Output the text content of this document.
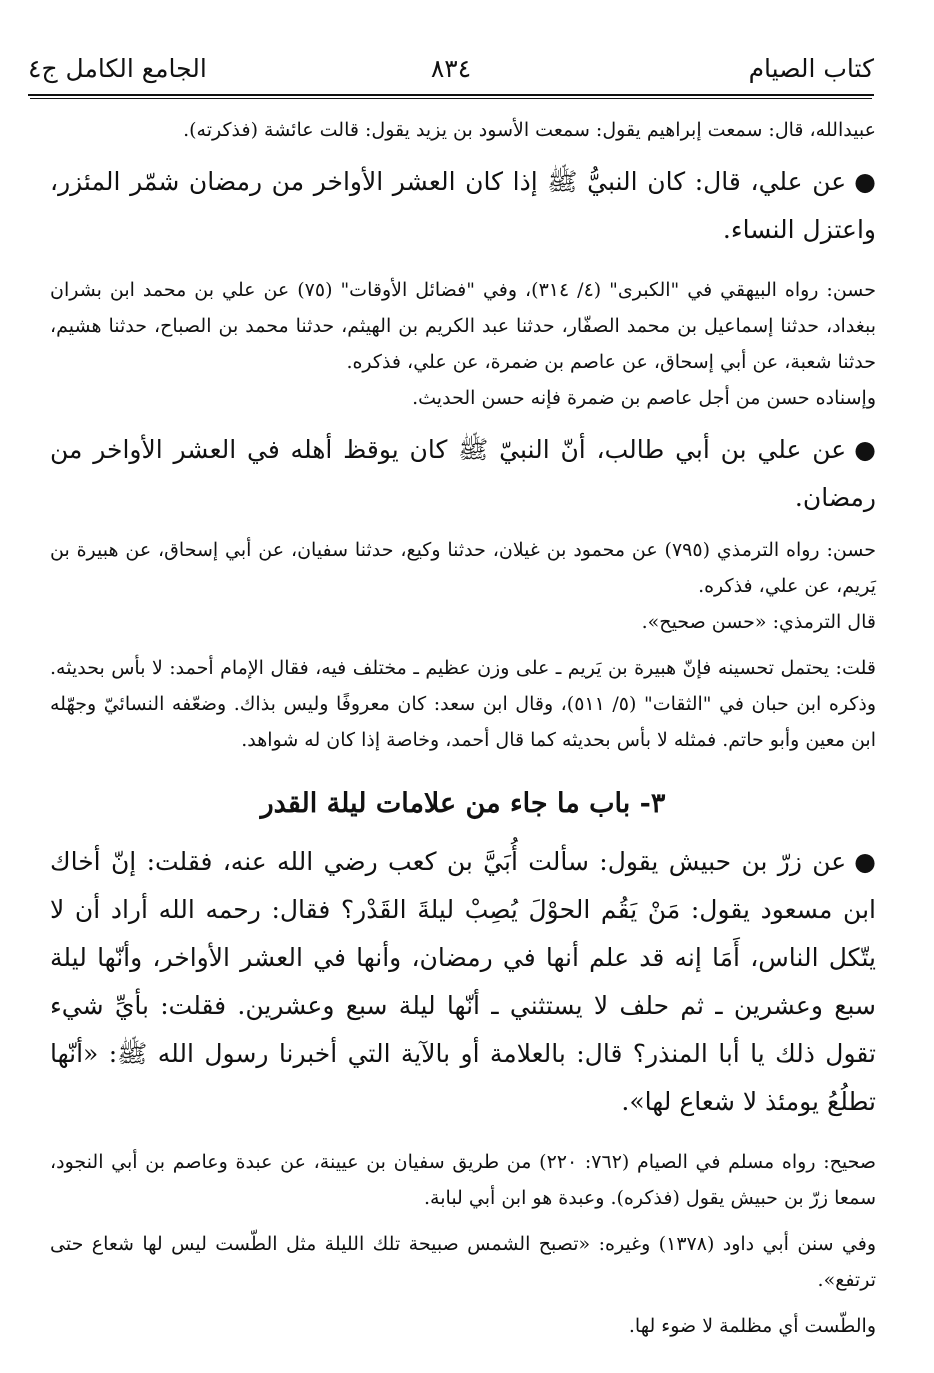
كتاب الصيام
٨٣٤
الجامع الكامل ج٤

عبيدالله، قال: سمعت إبراهيم يقول: سمعت الأسود بن يزيد يقول: قالت عائشة (فذكرته).

●عن علي، قال: كان النبيُّ ﷺ إذا كان العشر الأواخر من رمضان شمّر المئزر، واعتزل النساء.

حسن: رواه البيهقي في "الكبرى" (٤/ ٣١٤)، وفي "فضائل الأوقات" (٧٥) عن علي بن محمد ابن بشران ببغداد، حدثنا إسماعيل بن محمد الصفّار، حدثنا عبد الكريم بن الهيثم، حدثنا محمد بن الصباح، حدثنا هشيم، حدثنا شعبة، عن أبي إسحاق، عن عاصم بن ضمرة، عن علي، فذكره.

وإسناده حسن من أجل عاصم بن ضمرة فإنه حسن الحديث.

●عن علي بن أبي طالب، أنّ النبيّ ﷺ كان يوقظ أهله في العشر الأواخر من رمضان.

حسن: رواه الترمذي (٧٩٥) عن محمود بن غيلان، حدثنا وكيع، حدثنا سفيان، عن أبي إسحاق، عن هبيرة بن يَريم، عن علي، فذكره.

قال الترمذي: «حسن صحيح».

قلت: يحتمل تحسينه فإنّ هبيرة بن يَريم ـ على وزن عظيم ـ مختلف فيه، فقال الإمام أحمد: لا بأس بحديثه. وذكره ابن حبان في "الثقات" (٥/ ٥١١)، وقال ابن سعد: كان معروفًا وليس بذاك. وضعّفه النسائيّ وجهّله ابن معين وأبو حاتم. فمثله لا بأس بحديثه كما قال أحمد، وخاصة إذا كان له شواهد.

٣- باب ما جاء من علامات ليلة القدر

●عن زرّ بن حبيش يقول: سألت أُبَيَّ بن كعب رضي الله عنه، فقلت: إنّ أخاك ابن مسعود يقول: مَنْ يَقُم الحوْلَ يُصِبْ ليلةَ القَدْر؟ فقال: رحمه الله أراد أن لا يتّكل الناس، أَمَا إنه قد علم أنها في رمضان، وأنها في العشر الأواخر، وأنّها ليلة سبع وعشرين ـ ثم حلف لا يستثني ـ أنّها ليلة سبع وعشرين. فقلت: بأيِّ شيء تقول ذلك يا أبا المنذر؟ قال: بالعلامة أو بالآية التي أخبرنا رسول الله ﷺ: «أنّها تطلُعُ يومئذ لا شعاع لها».

صحيح: رواه مسلم في الصيام (٧٦٢: ٢٢٠) من طريق سفيان بن عيينة، عن عبدة وعاصم بن أبي النجود، سمعا زرّ بن حبيش يقول (فذكره). وعبدة هو ابن أبي لبابة.

وفي سنن أبي داود (١٣٧٨) وغيره: «تصبح الشمس صبيحة تلك الليلة مثل الطّست ليس لها شعاع حتى ترتفع».

والطّست أي مظلمة لا ضوء لها.
